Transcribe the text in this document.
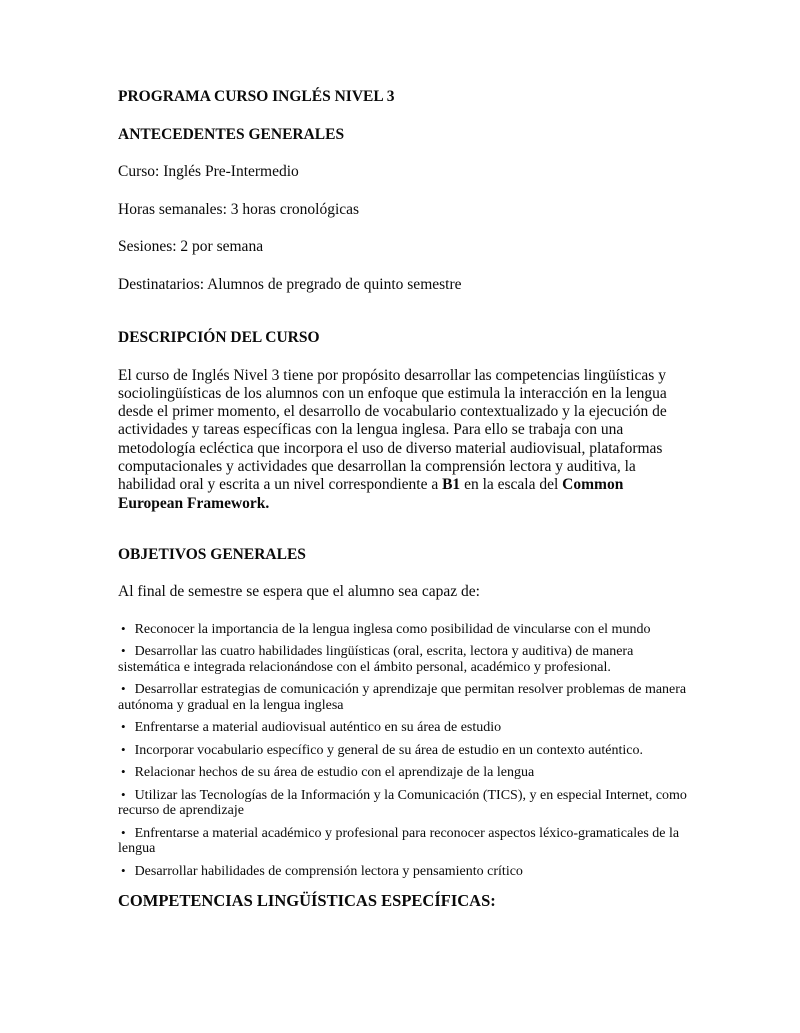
PROGRAMA CURSO INGLÉS NIVEL 3

ANTECEDENTES GENERALES

Curso: Inglés Pre-Intermedio

Horas semanales: 3 horas cronológicas

Sesiones: 2 por semana

Destinatarios: Alumnos de pregrado de quinto semestre

DESCRIPCIÓN DEL CURSO

El curso de Inglés Nivel 3 tiene por propósito desarrollar las competencias lingüísticas y sociolingüísticas de los alumnos con un enfoque que estimula la interacción en la lengua desde el primer momento, el desarrollo de vocabulario contextualizado y la ejecución de actividades y tareas específicas con la lengua inglesa. Para ello se trabaja con una metodología ecléctica que incorpora el uso de diverso material audiovisual, plataformas computacionales y actividades que desarrollan la comprensión lectora y auditiva, la habilidad oral y escrita a un nivel correspondiente a B1 en la escala del Common European Framework.

OBJETIVOS GENERALES

Al final de semestre se espera que el alumno sea capaz de:

• Reconocer la importancia de la lengua inglesa como posibilidad de vincularse con el mundo
• Desarrollar las cuatro habilidades lingüísticas (oral, escrita, lectora y auditiva) de manera sistemática e integrada relacionándose con el ámbito personal, académico y profesional.
• Desarrollar estrategias de comunicación y aprendizaje que permitan resolver problemas de manera autónoma y gradual en la lengua inglesa
• Enfrentarse a material audiovisual auténtico en su área de estudio
• Incorporar vocabulario específico y general de su área de estudio en un contexto auténtico.
• Relacionar hechos de su área de estudio con el aprendizaje de la lengua
• Utilizar las Tecnologías de la Información y la Comunicación (TICS), y en especial Internet, como recurso de aprendizaje
• Enfrentarse a material académico y profesional para reconocer aspectos léxico-gramaticales de la lengua
• Desarrollar habilidades de comprensión lectora y pensamiento crítico

COMPETENCIAS LINGÜÍSTICAS ESPECÍFICAS:
